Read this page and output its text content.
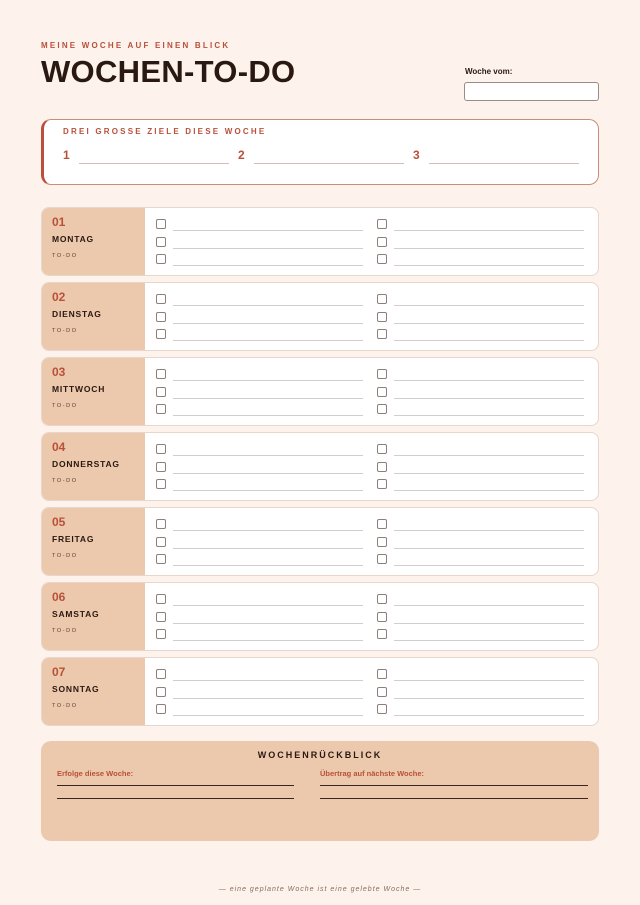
MEINE WOCHE AUF EINEN BLICK
WOCHEN-TO-DO	Woche vom:
DREI GROSSE ZIELE DIESE WOCHE
1	2	3
01
MONTAG
TO-DO
02
DIENSTAG
TO-DO
03
MITTWOCH
TO-DO
04
DONNERSTAG
TO-DO
05
FREITAG
TO-DO
06
SAMSTAG
TO-DO
07
SONNTAG
TO-DO
WOCHENRÜCKBLICK
Erfolge diese Woche:	Übertrag auf nächste Woche:
— eine geplante Woche ist eine gelebte Woche —
